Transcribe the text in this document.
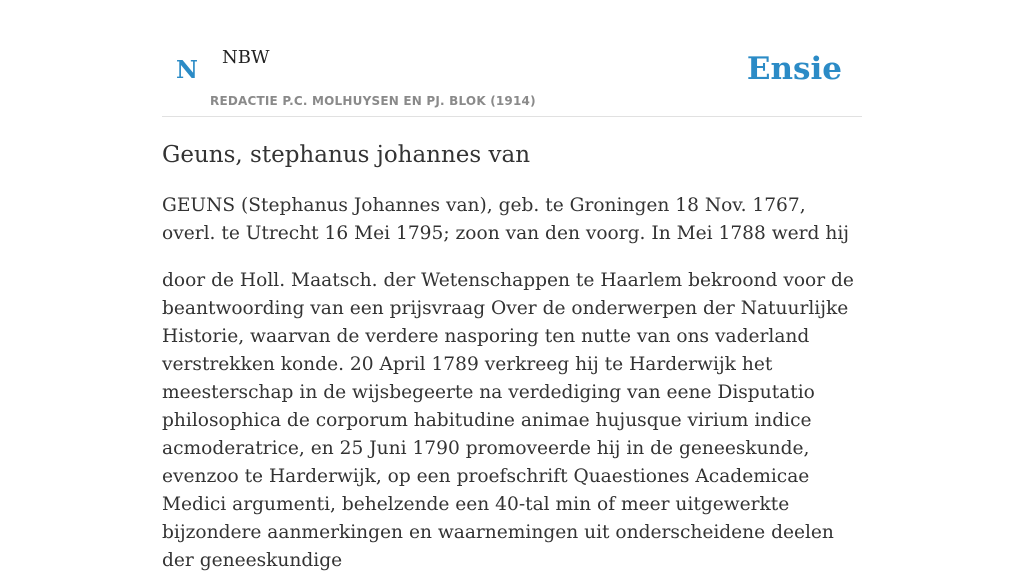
N NBW
REDACTIE P.C. MOLHUYSEN EN PJ. BLOK (1914)
Ensie
Geuns, stephanus johannes van

GEUNS (Stephanus Johannes van), geb. te Groningen 18 Nov. 1767, overl. te Utrecht 16 Mei 1795; zoon van den voorg. In Mei 1788 werd hij

door de Holl. Maatsch. der Wetenschappen te Haarlem bekroond voor de beantwoording van een prijsvraag Over de onderwerpen der Natuurlijke Historie, waarvan de verdere nasporing ten nutte van ons vaderland verstrekken konde. 20 April 1789 verkreeg hij te Harderwijk het meesterschap in de wijsbegeerte na verdediging van eene Disputatio philosophica de corporum habitudine animae hujusque virium indice acmoderatrice, en 25 Juni 1790 promoveerde hij in de geneeskunde, evenzoo te Harderwijk, op een proefschrift Quaestiones Academicae Medici argumenti, behelzende een 40-tal min of meer uitgewerkte bijzondere aanmerkingen en waarnemingen uit onderscheidene deelen der geneeskundige
